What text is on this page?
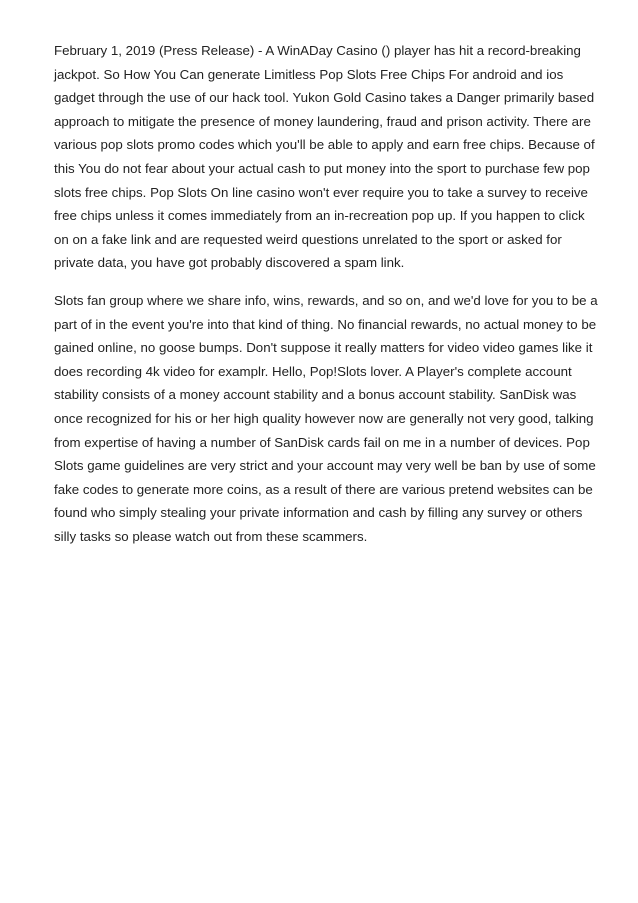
February 1, 2019 (Press Release) - A WinADay Casino () player has hit a record-breaking
jackpot. So How You Can generate Limitless Pop Slots Free Chips For android and ios
gadget through the use of our hack tool. Yukon Gold Casino takes a Danger primarily based
approach to mitigate the presence of money laundering, fraud and prison activity. There are
various pop slots promo codes which you'll be able to apply and earn free chips. Because of
this You do not fear about your actual cash to put money into the sport to purchase few pop
slots free chips. Pop Slots On line casino won't ever require you to take a survey to receive
free chips unless it comes immediately from an in-recreation pop up. If you happen to click
on on a fake link and are requested weird questions unrelated to the sport or asked for
private data, you have got probably discovered a spam link.

Slots fan group where we share info, wins, rewards, and so on, and we'd love for you to be a
part of in the event you're into that kind of thing. No financial rewards, no actual money to be
gained online, no goose bumps. Don't suppose it really matters for video video games like it
does recording 4k video for examplr. Hello, Pop!Slots lover. A Player's complete account
stability consists of a money account stability and a bonus account stability. SanDisk was
once recognized for his or her high quality however now are generally not very good, talking
from expertise of having a number of SanDisk cards fail on me in a number of devices. Pop
Slots game guidelines are very strict and your account may very well be ban by use of some
fake codes to generate more coins, as a result of there are various pretend websites can be
found who simply stealing your private information and cash by filling any survey or others
silly tasks so please watch out from these scammers.
